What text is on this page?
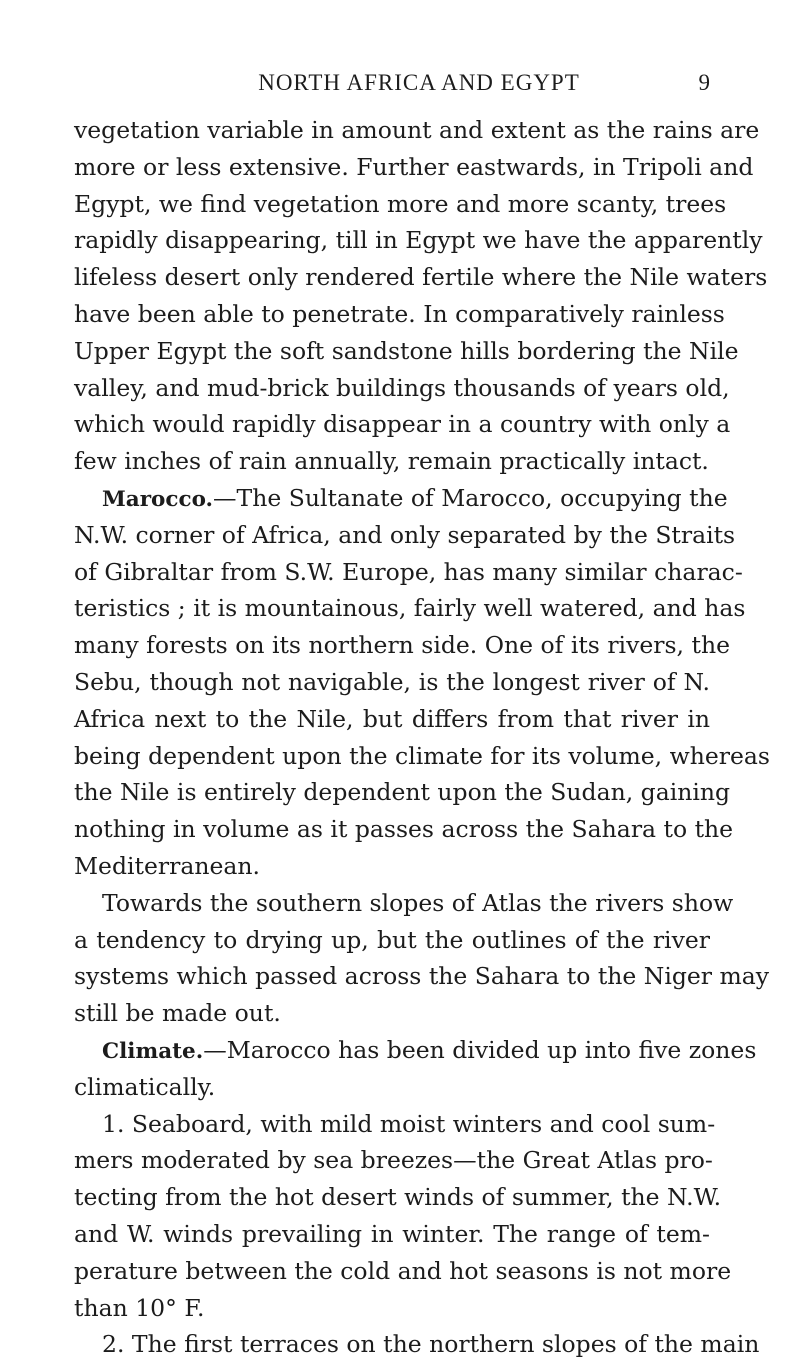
NORTH AFRICA AND EGYPT	9
vegetation variable in amount and extent as the rains are
more or less extensive. Further eastwards, in Tripoli and
Egypt, we find vegetation more and more scanty, trees
rapidly disappearing, till in Egypt we have the apparently
lifeless desert only rendered fertile where the Nile waters
have been able to penetrate. In comparatively rainless
Upper Egypt the soft sandstone hills bordering the Nile
valley, and mud-brick buildings thousands of years old,
which would rapidly disappear in a country with only a
few inches of rain annually, remain practically intact.
Marocco.—The Sultanate of Marocco, occupying the
N.W. corner of Africa, and only separated by the Straits
of Gibraltar from S.W. Europe, has many similar charac-
teristics ; it is mountainous, fairly well watered, and has
many forests on its northern side. One of its rivers, the
Sebu, though not navigable, is the longest river of N.
Africa next to the Nile, but differs from that river in
being dependent upon the climate for its volume, whereas
the Nile is entirely dependent upon the Sudan, gaining
nothing in volume as it passes across the Sahara to the
Mediterranean.
Towards the southern slopes of Atlas the rivers show
a tendency to drying up, but the outlines of the river
systems which passed across the Sahara to the Niger may
still be made out.
Climate.—Marocco has been divided up into five zones
climatically.
1. Seaboard, with mild moist winters and cool sum-
mers moderated by sea breezes—the Great Atlas pro-
tecting from the hot desert winds of summer, the N.W.
and W. winds prevailing in winter. The range of tem-
perature between the cold and hot seasons is not more
than 10° F.
2. The first terraces on the northern slopes of the main
